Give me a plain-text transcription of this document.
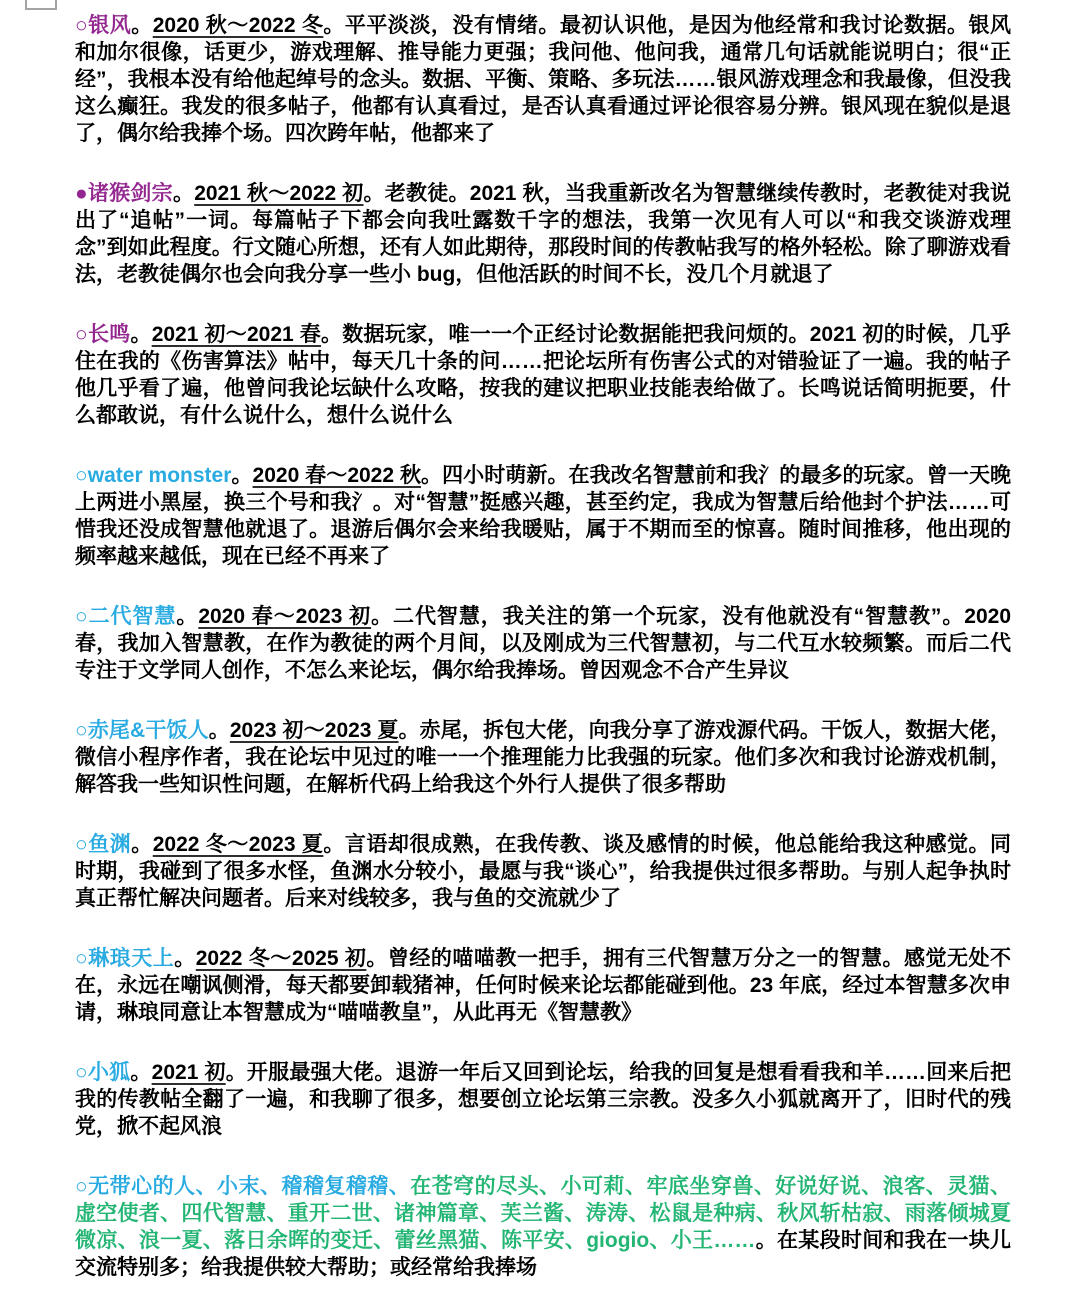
○银风。2020 秋～2022 冬。平平淡淡，没有情绪。最初认识他，是因为他经常和我讨论数据。银风和加尔很像，话更少，游戏理解、推导能力更强；我问他、他问我，通常几句话就能说明白；很“正经”，我根本没有给他起绰号的念头。数据、平衡、策略、多玩法……银风游戏理念和我最像，但没我这么癫狂。我发的很多帖子，他都有认真看过，是否认真看通过评论很容易分辨。银风现在貌似是退了，偶尔给我捧个场。四次跨年帖，他都来了

●诸猴剑宗。2021 秋～2022 初。老教徒。2021 秋，当我重新改名为智慧继续传教时，老教徒对我说出了“追帖”一词。每篇帖子下都会向我吐露数千字的想法，我第一次见有人可以“和我交谈游戏理念”到如此程度。行文随心所想，还有人如此期待，那段时间的传教帖我写的格外轻松。除了聊游戏看法，老教徒偶尔也会向我分享一些小 bug，但他活跃的时间不长，没几个月就退了

○长鸣。2021 初～2021 春。数据玩家，唯一一个正经讨论数据能把我问烦的。2021 初的时候，几乎住在我的《伤害算法》帖中，每天几十条的问……把论坛所有伤害公式的对错验证了一遍。我的帖子他几乎看了遍，他曾问我论坛缺什么攻略，按我的建议把职业技能表给做了。长鸣说话简明扼要，什么都敢说，有什么说什么，想什么说什么

○water monster。2020 春～2022 秋。四小时萌新。在我改名智慧前和我氵的最多的玩家。曾一天晚上两进小黑屋，换三个号和我氵。对“智慧”挺感兴趣，甚至约定，我成为智慧后给他封个护法……可惜我还没成智慧他就退了。退游后偶尔会来给我暖贴，属于不期而至的惊喜。随时间推移，他出现的频率越来越低，现在已经不再来了

○二代智慧。2020 春～2023 初。二代智慧，我关注的第一个玩家，没有他就没有“智慧教”。2020 春，我加入智慧教，在作为教徒的两个月间，以及刚成为三代智慧初，与二代互水较频繁。而后二代专注于文学同人创作，不怎么来论坛，偶尔给我捧场。曾因观念不合产生异议

○赤尾&干饭人。2023 初～2023 夏。赤尾，拆包大佬，向我分享了游戏源代码。干饭人，数据大佬，微信小程序作者，我在论坛中见过的唯一一个推理能力比我强的玩家。他们多次和我讨论游戏机制，解答我一些知识性问题，在解析代码上给我这个外行人提供了很多帮助

○鱼渊。2022 冬～2023 夏。言语却很成熟，在我传教、谈及感情的时候，他总能给我这种感觉。同时期，我碰到了很多水怪，鱼渊水分较小，最愿与我“谈心”，给我提供过很多帮助。与别人起争执时真正帮忙解决问题者。后来对线较多，我与鱼的交流就少了

○琳琅天上。2022 冬～2025 初。曾经的喵喵教一把手，拥有三代智慧万分之一的智慧。感觉无处不在，永远在嘲讽侧滑，每天都要卸载猪神，任何时候来论坛都能碰到他。23 年底，经过本智慧多次申请，琳琅同意让本智慧成为“喵喵教皇”，从此再无《智慧教》

○小狐。2021 初。开服最强大佬。退游一年后又回到论坛，给我的回复是想看看我和羊……回来后把我的传教帖全翻了一遍，和我聊了很多，想要创立论坛第三宗教。没多久小狐就离开了，旧时代的残党，掀不起风浪

○无带心的人、小末、稽稽复稽稽、在苍穹的尽头、小可莉、牢底坐穿兽、好说好说、浪客、灵猫、虚空使者、四代智慧、重开二世、诸神篇章、芙兰酱、涛涛、松鼠是种病、秋风斩枯寂、雨落倾城夏微凉、浪一夏、落日余晖的变迁、蕾丝黑猫、陈平安、giogio、小王……。在某段时间和我在一块儿交流特别多；给我提供较大帮助；或经常给我捧场
